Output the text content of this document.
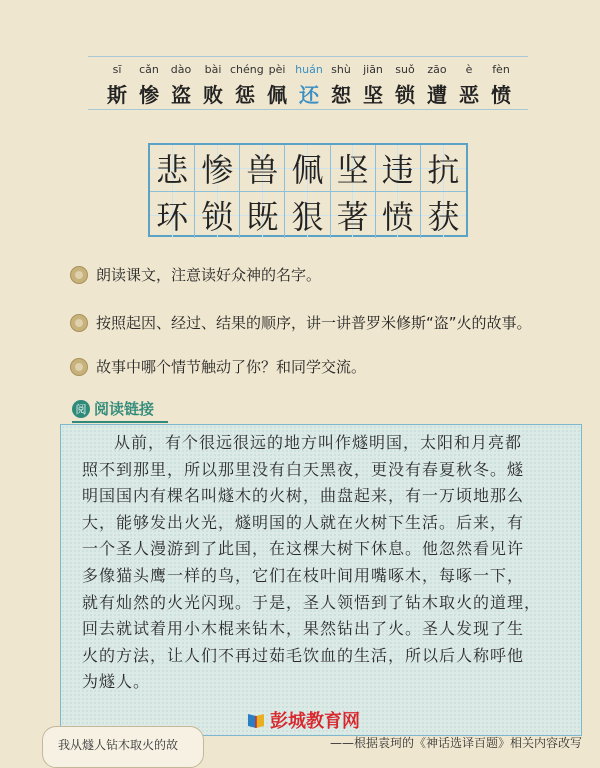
sī	cǎn	dào	bài chéng pèi huán shù	jiān	suǒ	zāo	è	fèn
斯 惨 盗 败 惩 佩 还 恕 坚 锁 遭 恶 愤
悲 惨 兽 佩 坚 违 抗
环 锁 既 狠 著 愤 获
朗读课文，注意读好众神的名字。
按照起因、经过、结果的顺序，讲一讲普罗米修斯“盗”火的故事。
故事中哪个情节触动了你？和同学交流。
阅 阅读链接

从前，有个很远很远的地方叫作燧明国，太阳和月亮都

照不到那里，所以那里没有白天黑夜，更没有春夏秋冬。燧
明国国内有棵名叫燧木的火树，曲盘起来，有一万顷地那么
大，能够发出火光，燧明国的人就在火树下生活。后来，有
一个圣人漫游到了此国，在这棵大树下休息。他忽然看见许
多像猫头鹰一样的鸟，它们在枝叶间用嘴啄木，每啄一下，
就有灿然的火光闪现。于是，圣人领悟到了钻木取火的道理，
回去就试着用小木棍来钻木，果然钻出了火。圣人发现了生
火的方法，让人们不再过茹毛饮血的生活，所以后人称呼他
为燧人。
我从燧人钻木取火的故	——根据袁珂的《神话选译百题》相关内容改写
彭城教育网
